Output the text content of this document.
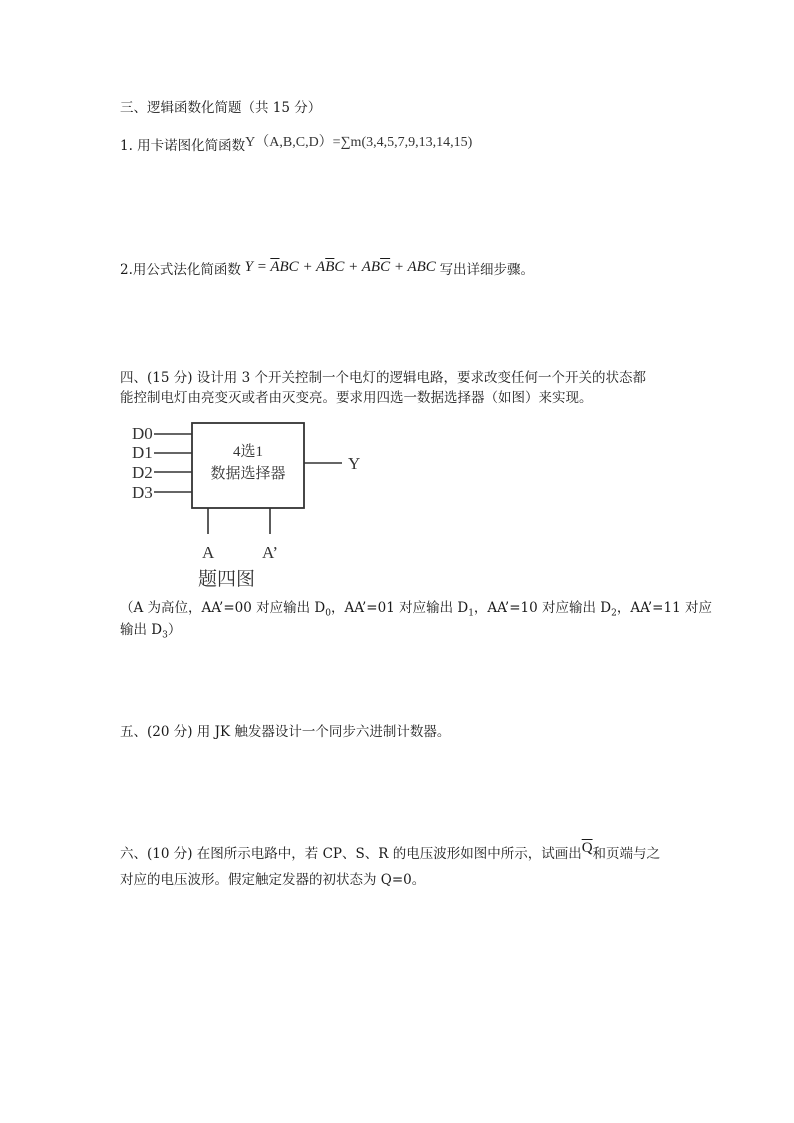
三、逻辑函数化简题（共 15 分）
1. 用卡诺图化简函数Y（A,B,C,D）=∑m(3,4,5,7,9,13,14,15)
2.用公式法化简函数 $Y = \overline{A}BC + A\overline{B}C + AB\overline{C}$ + ABC 写出详细步骤。
四、(15 分) 设计用 3 个开关控制一个电灯的逻辑电路，要求改变任何一个开关的状态都
能控制电灯由亮变灭或者由灭变亮。要求用四选一数据选择器（如图）来实现。
D0
D1
D2
D3
4选1
数据选择器
Y
A	A’
题四图
（A 为高位，AA’=00 对应输出 $D_0$，AA’=01 对应输出 $D_1$，AA’=10 对应输出 $D_2$，AA’=11 对应
输出 $D_3$）
五、(20 分) 用 JK 触发器设计一个同步六进制计数器。
六、(10 分) 在图所示电路中，若 CP、S、R 的电压波形如图中所示，试画出$\overline{Q}$和页端与之
对应的电压波形。假定触定发器的初状态为 Q=0。
